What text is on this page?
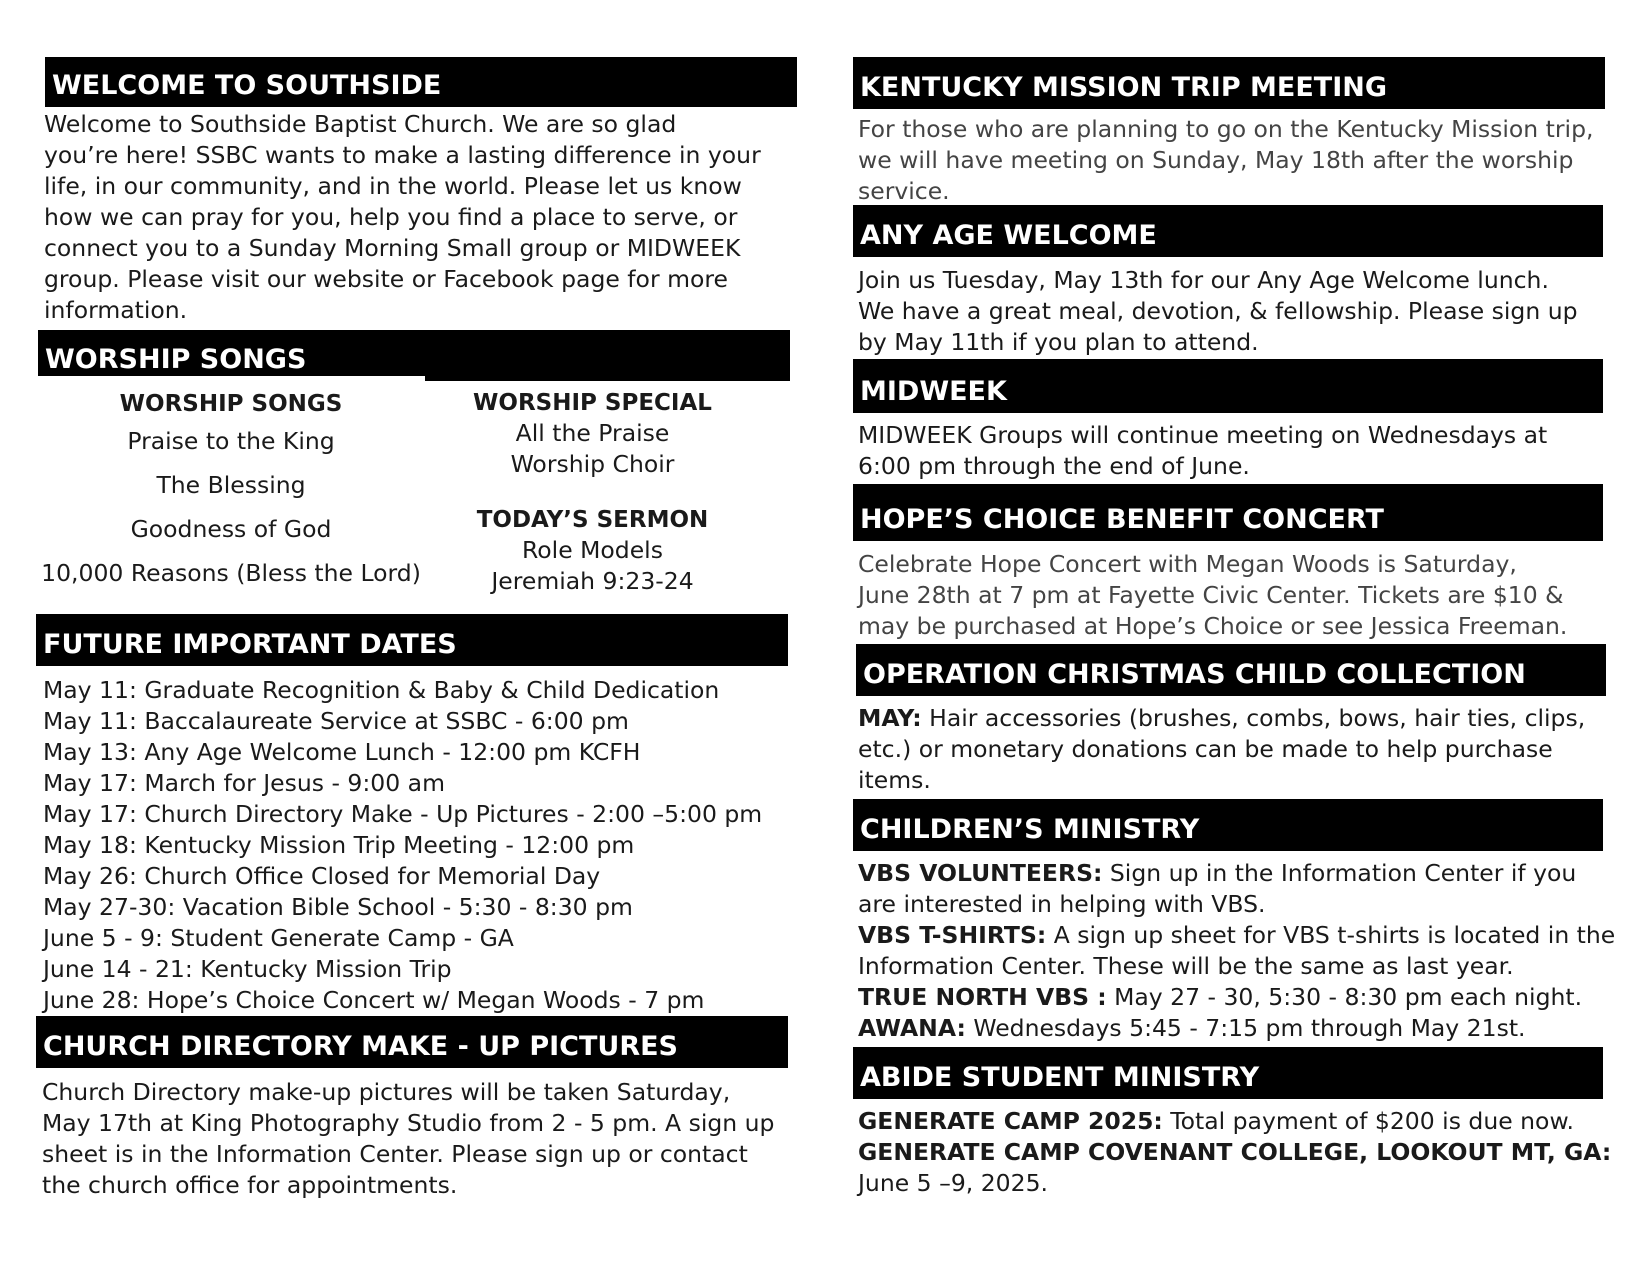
WELCOME TO SOUTHSIDE
Welcome to Southside Baptist Church. We are so glad
you’re here! SSBC wants to make a lasting difference in your
life, in our community, and in the world. Please let us know
how we can pray for you, help you find a place to serve, or
connect you to a Sunday Morning Small group or MIDWEEK
group. Please visit our website or Facebook page for more
information.
WORSHIP SONGS
WORSHIP SONGS
Praise to the King
The Blessing
Goodness of God
10,000 Reasons (Bless the Lord)
WORSHIP SPECIAL
All the Praise
Worship Choir
TODAY’S SERMON
Role Models
Jeremiah 9:23-24
FUTURE IMPORTANT DATES
May 11: Graduate Recognition & Baby & Child Dedication
May 11: Baccalaureate Service at SSBC - 6:00 pm
May 13: Any Age Welcome Lunch - 12:00 pm KCFH
May 17: March for Jesus - 9:00 am
May 17: Church Directory Make - Up Pictures - 2:00 –5:00 pm
May 18: Kentucky Mission Trip Meeting - 12:00 pm
May 26: Church Office Closed for Memorial Day
May 27-30: Vacation Bible School - 5:30 - 8:30 pm
June 5 - 9: Student Generate Camp - GA
June 14 - 21: Kentucky Mission Trip
June 28: Hope’s Choice Concert w/ Megan Woods - 7 pm
CHURCH DIRECTORY MAKE - UP PICTURES
Church Directory make-up pictures will be taken Saturday,
May 17th at King Photography Studio from 2 - 5 pm. A sign up
sheet is in the Information Center. Please sign up or contact
the church office for appointments.
KENTUCKY MISSION TRIP MEETING
For those who are planning to go on the Kentucky Mission trip,
we will have meeting on Sunday, May 18th after the worship
service.
ANY AGE WELCOME
Join us Tuesday, May 13th for our Any Age Welcome lunch.
We have a great meal, devotion, & fellowship. Please sign up
by May 11th if you plan to attend.
MIDWEEK
MIDWEEK Groups will continue meeting on Wednesdays at
6:00 pm through the end of June.
HOPE’S CHOICE BENEFIT CONCERT
Celebrate Hope Concert with Megan Woods is Saturday,
June 28th at 7 pm at Fayette Civic Center. Tickets are $10 &
may be purchased at Hope’s Choice or see Jessica Freeman.
OPERATION CHRISTMAS CHILD COLLECTION
MAY: Hair accessories (brushes, combs, bows, hair ties, clips,
etc.) or monetary donations can be made to help purchase
items.
CHILDREN’S MINISTRY
VBS VOLUNTEERS: Sign up in the Information Center if you
are interested in helping with VBS.
VBS T-SHIRTS: A sign up sheet for VBS t-shirts is located in the
Information Center. These will be the same as last year.
TRUE NORTH VBS : May 27 - 30, 5:30 - 8:30 pm each night.
AWANA: Wednesdays 5:45 - 7:15 pm through May 21st.
ABIDE STUDENT MINISTRY
GENERATE CAMP 2025: Total payment of $200 is due now.
GENERATE CAMP COVENANT COLLEGE, LOOKOUT MT, GA:
June 5 –9, 2025.
